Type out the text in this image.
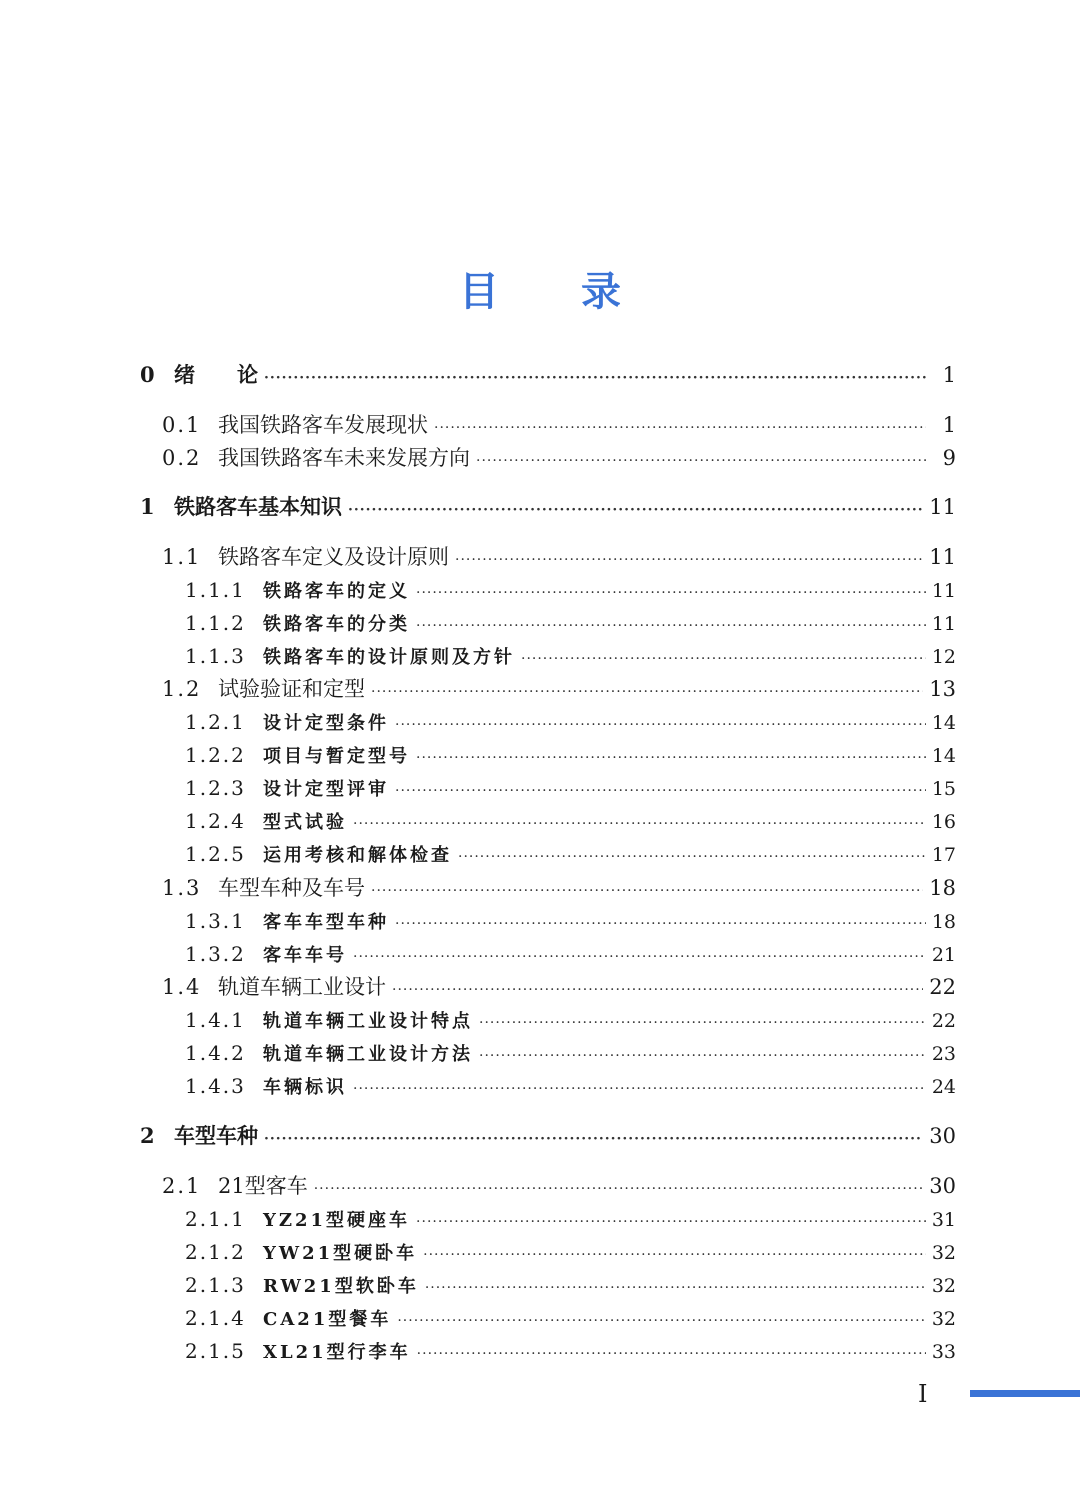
目 录
0 绪　　论 ·····	1
0.1 我国铁路客车发展现状 ·····	1
0.2 我国铁路客车未来发展方向 ·····	9
1 铁路客车基本知识 ·····	11
1.1 铁路客车定义及设计原则 ·····	11
1.1.1 铁路客车的定义 ·····	11
1.1.2 铁路客车的分类 ·····	11
1.1.3 铁路客车的设计原则及方针 ·····	12
1.2 试验验证和定型 ·····	13
1.2.1 设计定型条件 ·····	14
1.2.2 项目与暂定型号 ·····	14
1.2.3 设计定型评审 ·····	15
1.2.4 型式试验 ·····	16
1.2.5 运用考核和解体检查 ·····	17
1.3 车型车种及车号 ·····	18
1.3.1 客车车型车种 ·····	18
1.3.2 客车车号 ·····	21
1.4 轨道车辆工业设计 ·····	22
1.4.1 轨道车辆工业设计特点 ·····	22
1.4.2 轨道车辆工业设计方法 ·····	23
1.4.3 车辆标识 ·····	24
2 车型车种 ·····	30
2.1 21型客车 ·····	30
2.1.1 YZ21型硬座车 ·····	31
2.1.2 YW21型硬卧车 ·····	32
2.1.3 RW21型软卧车 ·····	32
2.1.4 CA21型餐车 ·····	32
2.1.5 XL21型行李车 ·····	33
I
